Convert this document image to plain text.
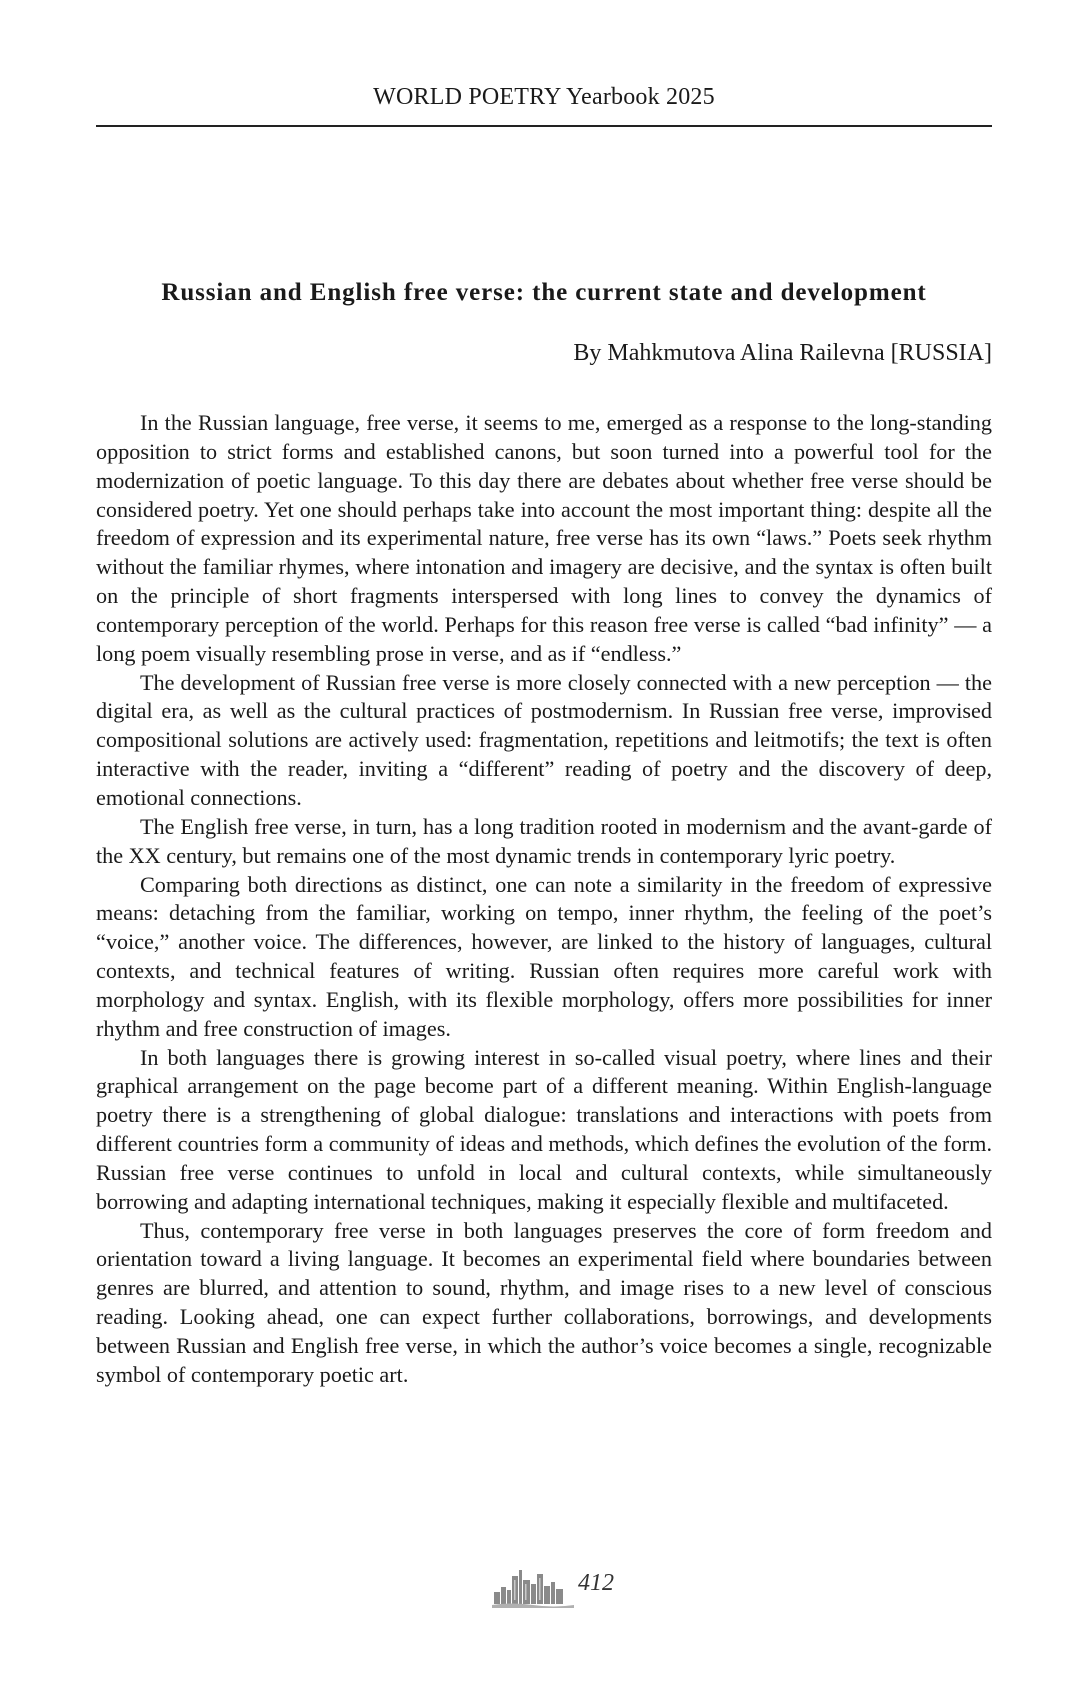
WORLD POETRY Yearbook 2025
Russian and English free verse: the current state and development
By Mahkmutova Alina Railevna [RUSSIA]

In the Russian language, free verse, it seems to me, emerged as a response to the long-standing opposition to strict forms and established canons, but soon turned into a powerful tool for the modernization of poetic language. To this day there are debates about whether free verse should be considered poetry. Yet one should perhaps take into account the most important thing: despite all the freedom of expression and its experimental nature, free verse has its own “laws.” Poets seek rhythm without the familiar rhymes, where intonation and imagery are decisive, and the syntax is often built on the principle of short fragments interspersed with long lines to convey the dynamics of contemporary perception of the world. Perhaps for this reason free verse is called “bad infinity” — a long poem visually resembling prose in verse, and as if “endless.”

The development of Russian free verse is more closely connected with a new perception — the digital era, as well as the cultural practices of postmodernism. In Russian free verse, improvised compositional solutions are actively used: fragmentation, repetitions and leitmotifs; the text is often interactive with the reader, inviting a “different” reading of poetry and the discovery of deep, emotional connections.

The English free verse, in turn, has a long tradition rooted in modernism and the avant-garde of the XX century, but remains one of the most dynamic trends in contemporary lyric poetry.

Comparing both directions as distinct, one can note a similarity in the freedom of expressive means: detaching from the familiar, working on tempo, inner rhythm, the feeling of the poet’s “voice,” another voice. The differences, however, are linked to the history of languages, cultural contexts, and technical features of writing. Russian often requires more careful work with morphology and syntax. English, with its flexible morphology, offers more possibilities for inner rhythm and free construction of images.

In both languages there is growing interest in so-called visual poetry, where lines and their graphical arrangement on the page become part of a different meaning. Within English-language poetry there is a strengthening of global dialogue: translations and interactions with poets from different countries form a community of ideas and methods, which defines the evolution of the form. Russian free verse continues to unfold in local and cultural contexts, while simultaneously borrowing and adapting international techniques, making it especially flexible and multifaceted.

Thus, contemporary free verse in both languages preserves the core of form freedom and orientation toward a living language. It becomes an experimental field where boundaries between genres are blurred, and attention to sound, rhythm, and image rises to a new level of conscious reading. Looking ahead, one can expect further collaborations, borrowings, and developments between Russian and English free verse, in which the author’s voice becomes a single, recognizable symbol of contemporary poetic art.

412
